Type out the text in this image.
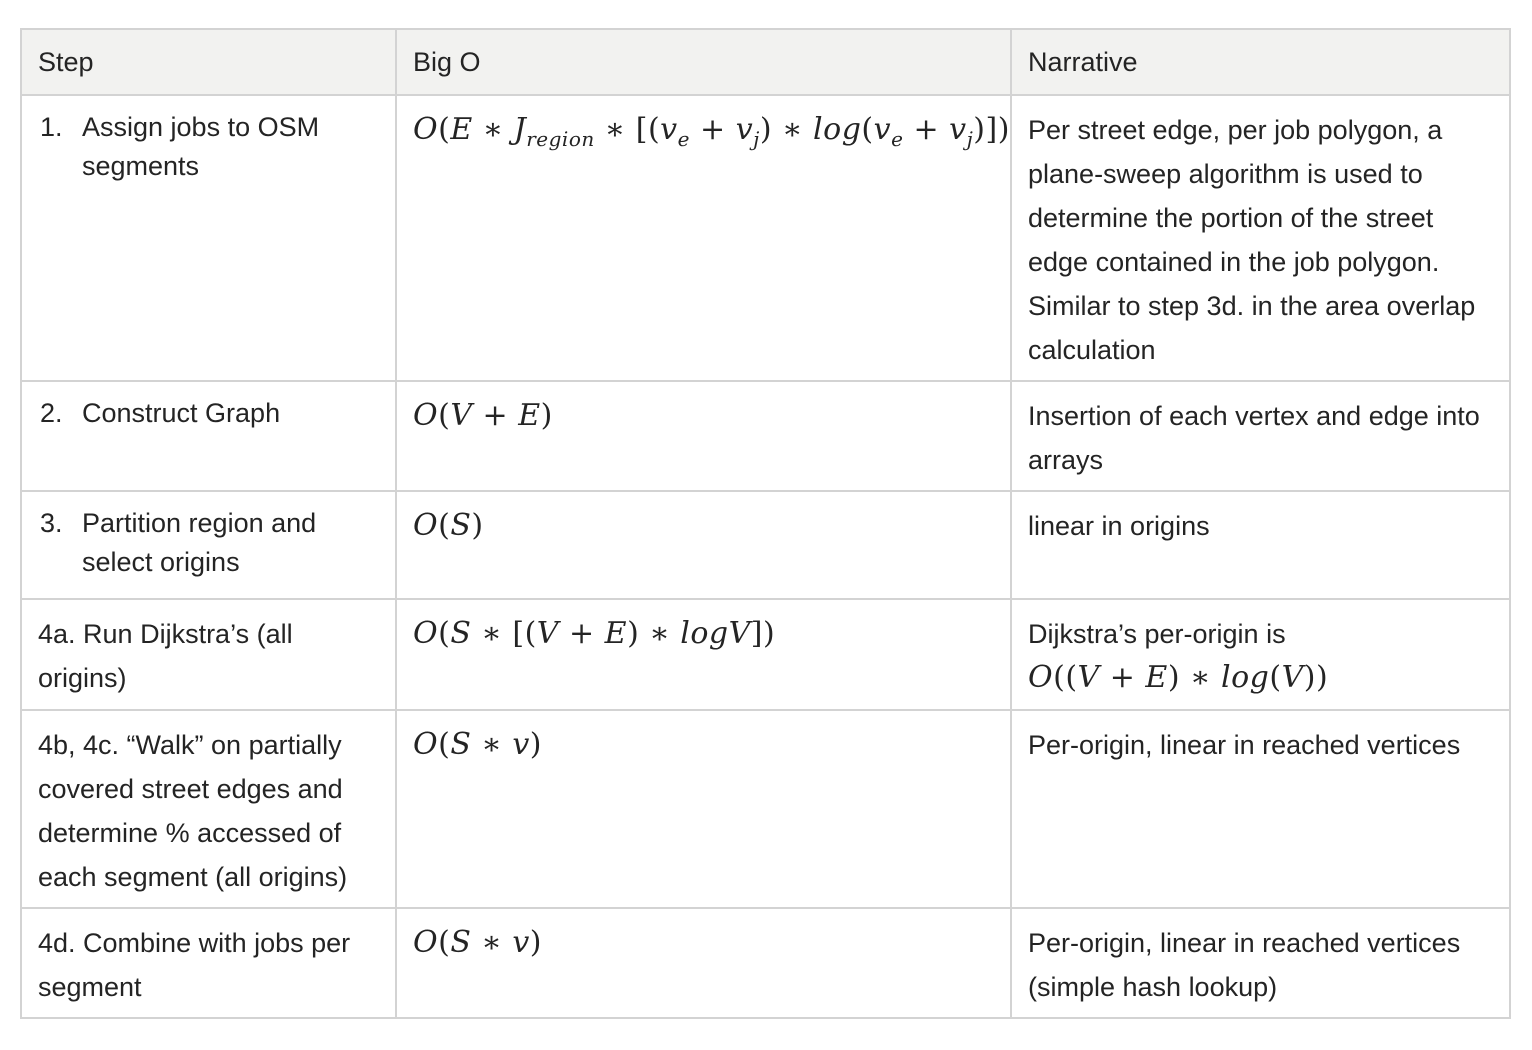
Step	Big O	Narrative

1. Assign jobs to OSM segments	O(E ∗ $J_{region}$ ∗ [$(v_e + v_j)$ ∗ $\log(v_e + v_j)$])	Per street edge, per job polygon, a plane-sweep algorithm is used to determine the portion of the street edge contained in the job polygon. Similar to step 3d. in the area overlap calculation

2. Construct Graph	O(V + E)	Insertion of each vertex and edge into arrays

3. Partition region and select origins	O(S)	linear in origins
4a. Run Dijkstra’s (all origins)	O(S ∗ [(V + E) ∗ logV])	Dijkstra’s per-origin is
O((V + E) ∗ log(V))

4b, 4c. “Walk” on partially covered street edges and determine % accessed of each segment (all origins)	O(S ∗ v)	Per-origin, linear in reached vertices
4d. Combine with jobs per segment	O(S ∗ v)	Per-origin, linear in reached vertices (simple hash lookup)
